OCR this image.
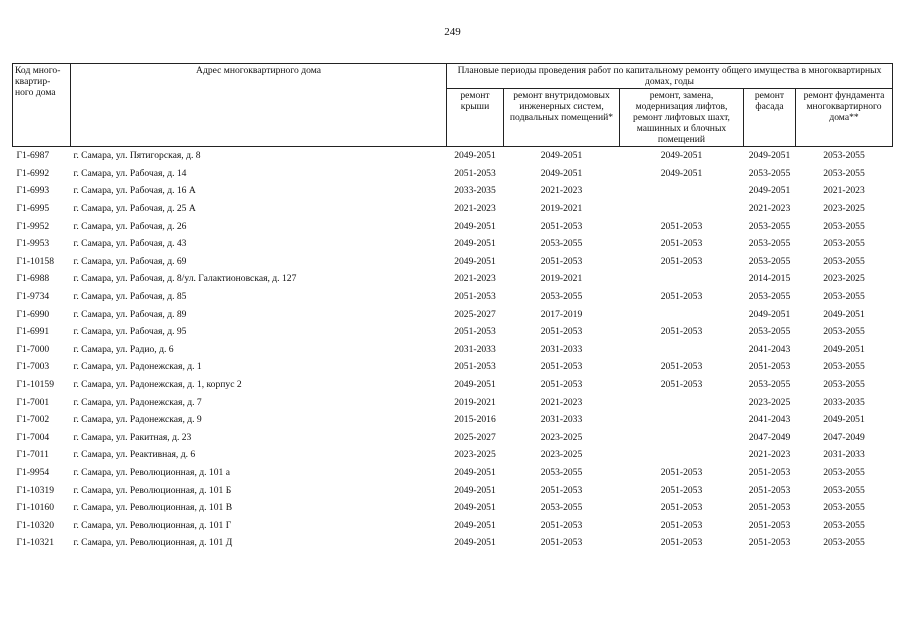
249
Код много-квартир-ного дома	Адрес многоквартирного дома	Плановые периоды проведения работ по капитальному ремонту общего имущества в многоквартирных домах, годы				
		ремонт крыши	ремонт внутридомовых инженерных систем, подвальных помещений*	ремонт, замена, модернизация лифтов, ремонт лифтовых шахт, машинных и блочных помещений	ремонт фасада	ремонт фундамента многоквартирного дома**
Г1-6987	г. Самара, ул. Пятигорская, д. 8	2049-2051	2049-2051	2049-2051	2049-2051	2053-2055
Г1-6992	г. Самара, ул. Рабочая, д. 14	2051-2053	2049-2051	2049-2051	2053-2055	2053-2055
Г1-6993	г. Самара, ул. Рабочая, д. 16 А	2033-2035	2021-2023		2049-2051	2021-2023
Г1-6995	г. Самара, ул. Рабочая, д. 25 А	2021-2023	2019-2021		2021-2023	2023-2025
Г1-9952	г. Самара, ул. Рабочая, д. 26	2049-2051	2051-2053	2051-2053	2053-2055	2053-2055
Г1-9953	г. Самара, ул. Рабочая, д. 43	2049-2051	2053-2055	2051-2053	2053-2055	2053-2055
Г1-10158	г. Самара, ул. Рабочая, д. 69	2049-2051	2051-2053	2051-2053	2053-2055	2053-2055
Г1-6988	г. Самара, ул. Рабочая, д. 8/ул. Галактионовская, д. 127	2021-2023	2019-2021		2014-2015	2023-2025
Г1-9734	г. Самара, ул. Рабочая, д. 85	2051-2053	2053-2055	2051-2053	2053-2055	2053-2055
Г1-6990	г. Самара, ул. Рабочая, д. 89	2025-2027	2017-2019		2049-2051	2049-2051
Г1-6991	г. Самара, ул. Рабочая, д. 95	2051-2053	2051-2053	2051-2053	2053-2055	2053-2055
Г1-7000	г. Самара, ул. Радио, д. 6	2031-2033	2031-2033		2041-2043	2049-2051
Г1-7003	г. Самара, ул. Радонежская, д. 1	2051-2053	2051-2053	2051-2053	2051-2053	2053-2055
Г1-10159	г. Самара, ул. Радонежская, д. 1, корпус 2	2049-2051	2051-2053	2051-2053	2053-2055	2053-2055
Г1-7001	г. Самара, ул. Радонежская, д. 7	2019-2021	2021-2023		2023-2025	2033-2035
Г1-7002	г. Самара, ул. Радонежская, д. 9	2015-2016	2031-2033		2041-2043	2049-2051
Г1-7004	г. Самара, ул. Ракитная, д. 23	2025-2027	2023-2025		2047-2049	2047-2049
Г1-7011	г. Самара, ул. Реактивная, д. 6	2023-2025	2023-2025		2021-2023	2031-2033
Г1-9954	г. Самара, ул. Революционная, д. 101 а	2049-2051	2053-2055	2051-2053	2051-2053	2053-2055
Г1-10319	г. Самара, ул. Революционная, д. 101 Б	2049-2051	2051-2053	2051-2053	2051-2053	2053-2055
Г1-10160	г. Самара, ул. Революционная, д. 101 В	2049-2051	2053-2055	2051-2053	2051-2053	2053-2055
Г1-10320	г. Самара, ул. Революционная, д. 101 Г	2049-2051	2051-2053	2051-2053	2051-2053	2053-2055
Г1-10321	г. Самара, ул. Революционная, д. 101 Д	2049-2051	2051-2053	2051-2053	2051-2053	2053-2055
